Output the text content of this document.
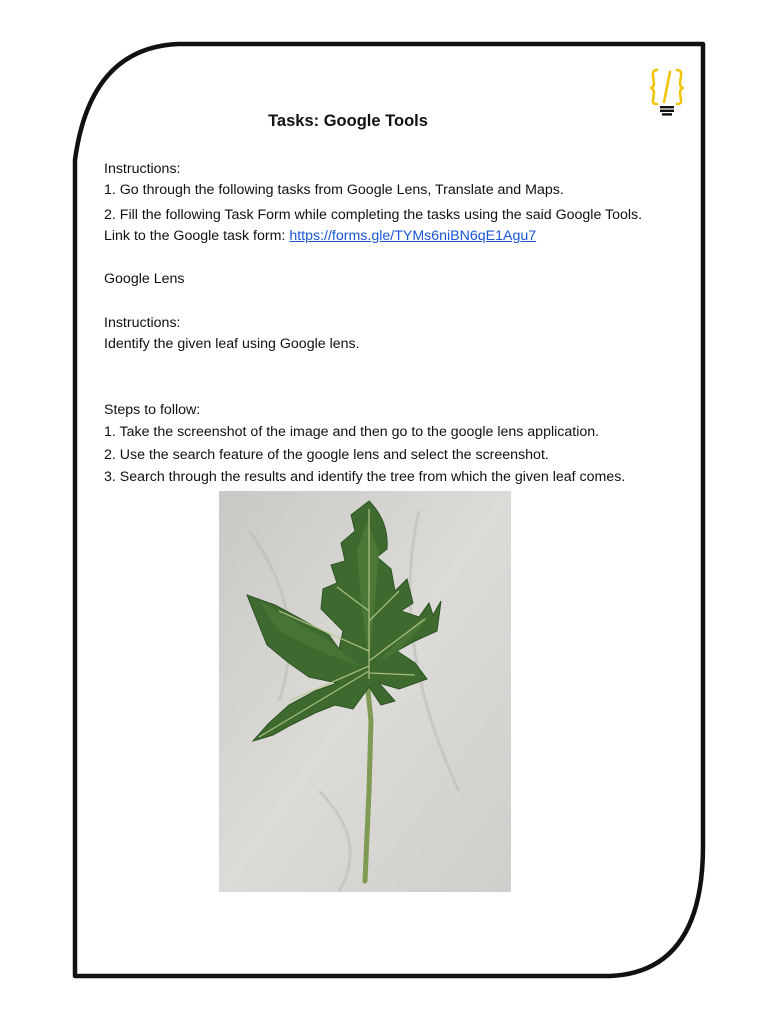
Tasks: Google Tools
Instructions:
1. Go through the following tasks from Google Lens, Translate and Maps.
2. Fill the following Task Form while completing the tasks using the said Google Tools.
Link to the Google task form: https://forms.gle/TYMs6niBN6qE1Agu7
Google Lens
Instructions:
Identify the given leaf using Google lens.
Steps to follow:
1. Take the screenshot of the image and then go to the google lens application.
2. Use the search feature of the google lens and select the screenshot.
3. Search through the results and identify the tree from which the given leaf comes.
